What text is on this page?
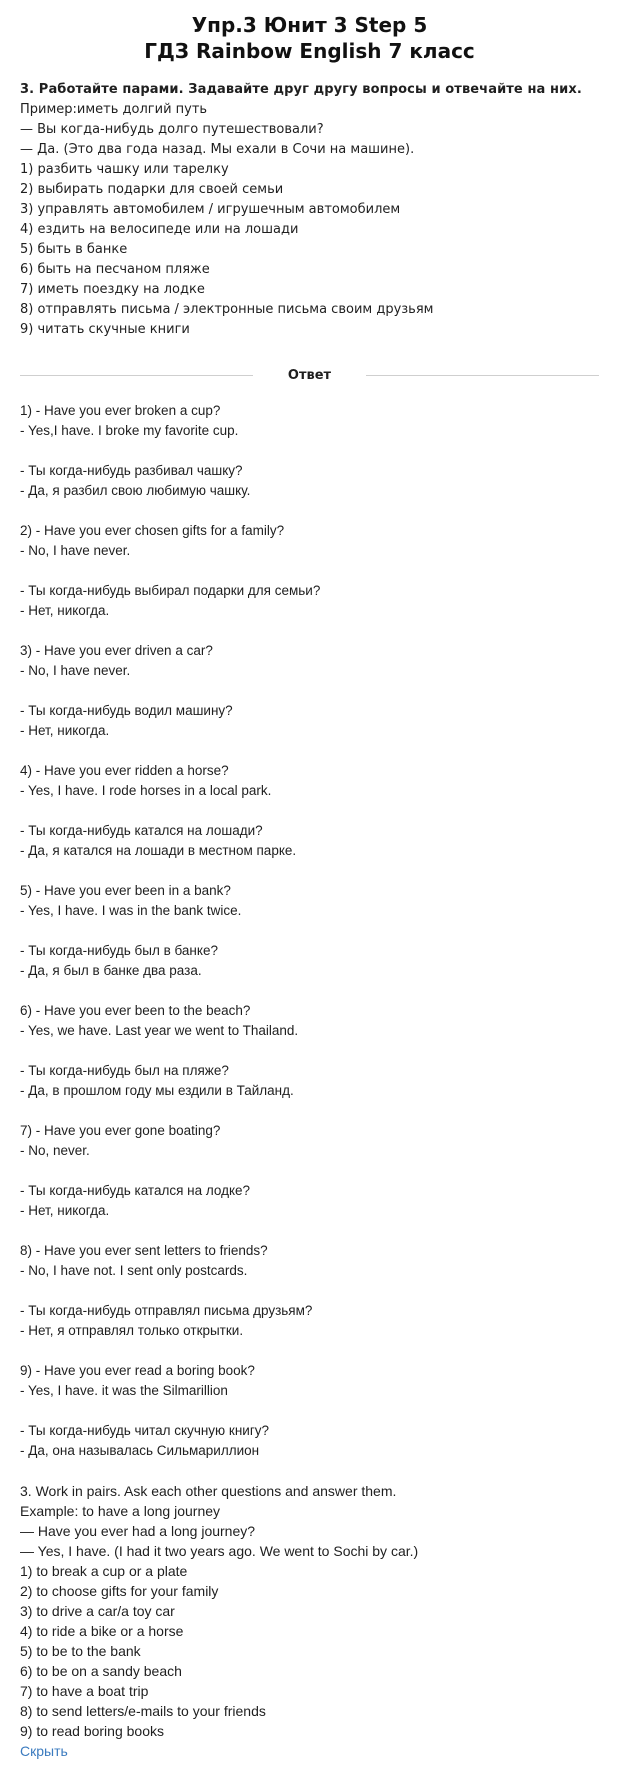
Упр.3 Юнит 3 Step 5
ГДЗ Rainbow English 7 класс
3. Работайте парами. Задавайте друг другу вопросы и отвечайте на них.
Пример:иметь долгий путь
— Вы когда-нибудь долго путешествовали?
— Да. (Это два года назад. Мы ехали в Сочи на машине).
1) разбить чашку или тарелку
2) выбирать подарки для своей семьи
3) управлять автомобилем / игрушечным автомобилем
4) ездить на велосипеде или на лошади
5) быть в банке
6) быть на песчаном пляже
7) иметь поездку на лодке
8) отправлять письма / электронные письма своим друзьям
9) читать скучные книги
Ответ
1) - Have you ever broken a cup?
- Yes,I have. I broke my favorite cup.
- Ты когда-нибудь разбивал чашку?
- Да, я разбил свою любимую чашку.
2) - Have you ever chosen gifts for a family?
- No, I have never.
- Ты когда-нибудь выбирал подарки для семьи?
- Нет, никогда.
3) - Have you ever driven a car?
- No, I have never.
- Ты когда-нибудь водил машину?
- Нет, никогда.
4) - Have you ever ridden a horse?
- Yes, I have. I rode horses in a local park.
- Ты когда-нибудь катался на лошади?
- Да, я катался на лошади в местном парке.
5) - Have you ever been in a bank?
- Yes, I have. I was in the bank twice.
- Ты когда-нибудь был в банке?
- Да, я был в банке два раза.
6) - Have you ever been to the beach?
- Yes, we have. Last year we went to Thailand.
- Ты когда-нибудь был на пляже?
- Да, в прошлом году мы ездили в Тайланд.
7) - Have you ever gone boating?
- No, never.
- Ты когда-нибудь катался на лодке?
- Нет, никогда.
8) - Have you ever sent letters to friends?
- No, I have not. I sent only postcards.
- Ты когда-нибудь отправлял письма друзьям?
- Нет, я отправлял только открытки.
9) - Have you ever read a boring book?
- Yes, I have. it was the Silmarillion
- Ты когда-нибудь читал скучную книгу?
- Да, она называлась Сильмариллион
3. Work in pairs. Ask each other questions and answer them.
Example: to have a long journey
— Have you ever had a long journey?
— Yes, I have. (I had it two years ago. We went to Sochi by car.)
1) to break a cup or a plate
2) to choose gifts for your family
3) to drive a car/a toy car
4) to ride a bike or a horse
5) to be to the bank
6) to be on a sandy beach
7) to have a boat trip
8) to send letters/e-mails to your friends
9) to read boring books
Скрыть
